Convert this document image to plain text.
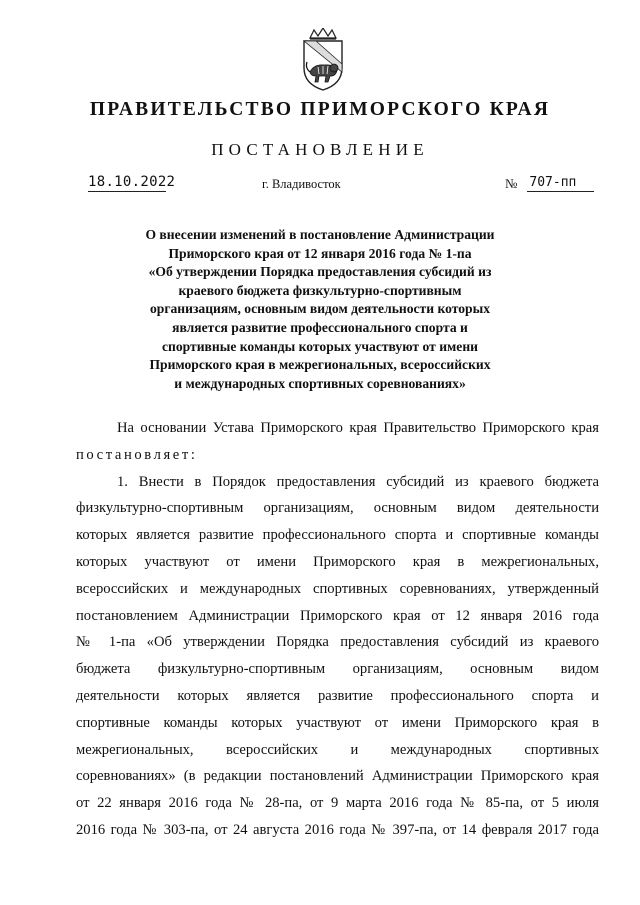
ПРАВИТЕЛЬСТВО ПРИМОРСКОГО КРАЯ
ПОСТАНОВЛЕНИЕ
18.10.2022	г. Владивосток	№ 707-пп
О внесении изменений в постановление Администрации
Приморского края от 12 января 2016 года № 1-па
«Об утверждении Порядка предоставления субсидий из
краевого бюджета физкультурно-спортивным
организациям, основным видом деятельности которых
является развитие профессионального спорта и
спортивные команды которых участвуют от имени
Приморского края в межрегиональных, всероссийских
и международных спортивных соревнованиях»
На основании Устава Приморского края Правительство Приморского края
постановляет:
1. Внести в Порядок предоставления субсидий из краевого бюджета
физкультурно-спортивным организациям, основным видом деятельности
которых является развитие профессионального спорта и спортивные команды
которых участвуют от имени Приморского края в межрегиональных,
всероссийских и международных спортивных соревнованиях, утвержденный
постановлением Администрации Приморского края от 12 января 2016 года
№ 1-па «Об утверждении Порядка предоставления субсидий из краевого
бюджета физкультурно-спортивным организациям, основным видом
деятельности которых является развитие профессионального спорта и
спортивные команды которых участвуют от имени Приморского края в
межрегиональных, всероссийских и международных спортивных
соревнованиях» (в редакции постановлений Администрации Приморского края
от 22 января 2016 года № 28-па, от 9 марта 2016 года № 85-па, от 5 июля
2016 года № 303-па, от 24 августа 2016 года № 397-па, от 14 февраля 2017 года
